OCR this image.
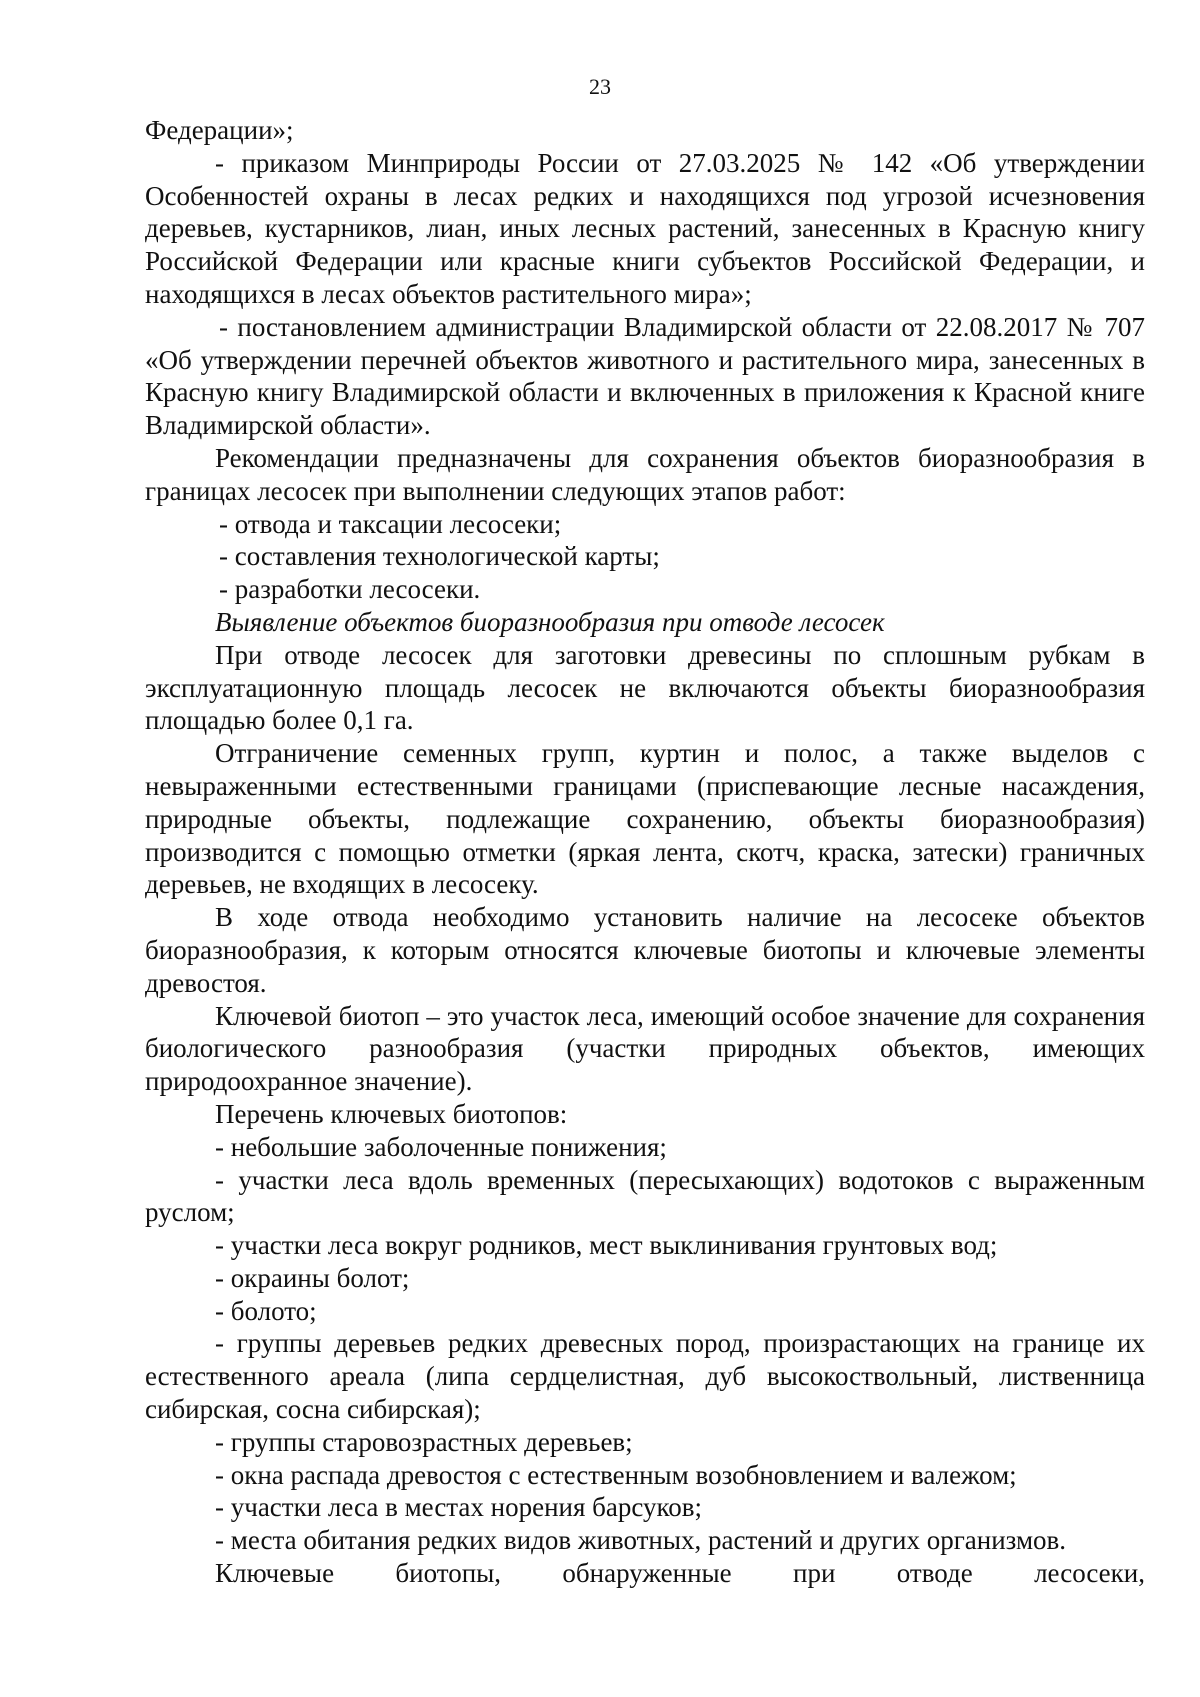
23

Федерации»;

- приказом Минприроды России от 27.03.2025 № 142 «Об утверждении Особенностей охраны в лесах редких и находящихся под угрозой исчезновения деревьев, кустарников, лиан, иных лесных растений, занесенных в Красную книгу Российской Федерации или красные книги субъектов Российской Федерации, и находящихся в лесах объектов растительного мира»;

- постановлением администрации Владимирской области от 22.08.2017 № 707 «Об утверждении перечней объектов животного и растительного мира, занесенных в Красную книгу Владимирской области и включенных в приложения к Красной книге Владимирской области».

Рекомендации предназначены для сохранения объектов биоразнообразия в границах лесосек при выполнении следующих этапов работ:

- отвода и таксации лесосеки;

- составления технологической карты;

- разработки лесосеки.

Выявление объектов биоразнообразия при отводе лесосек

При отводе лесосек для заготовки древесины по сплошным рубкам в эксплуатационную площадь лесосек не включаются объекты биоразнообразия площадью более 0,1 га.

Отграничение семенных групп, куртин и полос, а также выделов с невыраженными естественными границами (приспевающие лесные насаждения, природные объекты, подлежащие сохранению, объекты биоразнообразия) производится с помощью отметки (яркая лента, скотч, краска, затески) граничных деревьев, не входящих в лесосеку.

В ходе отвода необходимо установить наличие на лесосеке объектов биоразнообразия, к которым относятся ключевые биотопы и ключевые элементы древостоя.

Ключевой биотоп – это участок леса, имеющий особое значение для сохранения биологического разнообразия (участки природных объектов, имеющих природоохранное значение).

Перечень ключевых биотопов:

- небольшие заболоченные понижения;

- участки леса вдоль временных (пересыхающих) водотоков с выраженным руслом;

- участки леса вокруг родников, мест выклинивания грунтовых вод;

- окраины болот;

- болото;

- группы деревьев редких древесных пород, произрастающих на границе их естественного ареала (липа сердцелистная, дуб высокоствольный, лиственница сибирская, сосна сибирская);

- группы старовозрастных деревьев;

- окна распада древостоя с естественным возобновлением и валежом;

- участки леса в местах норения барсуков;

- места обитания редких видов животных, растений и других организмов.

Ключевые биотопы, обнаруженные при отводе лесосеки,
